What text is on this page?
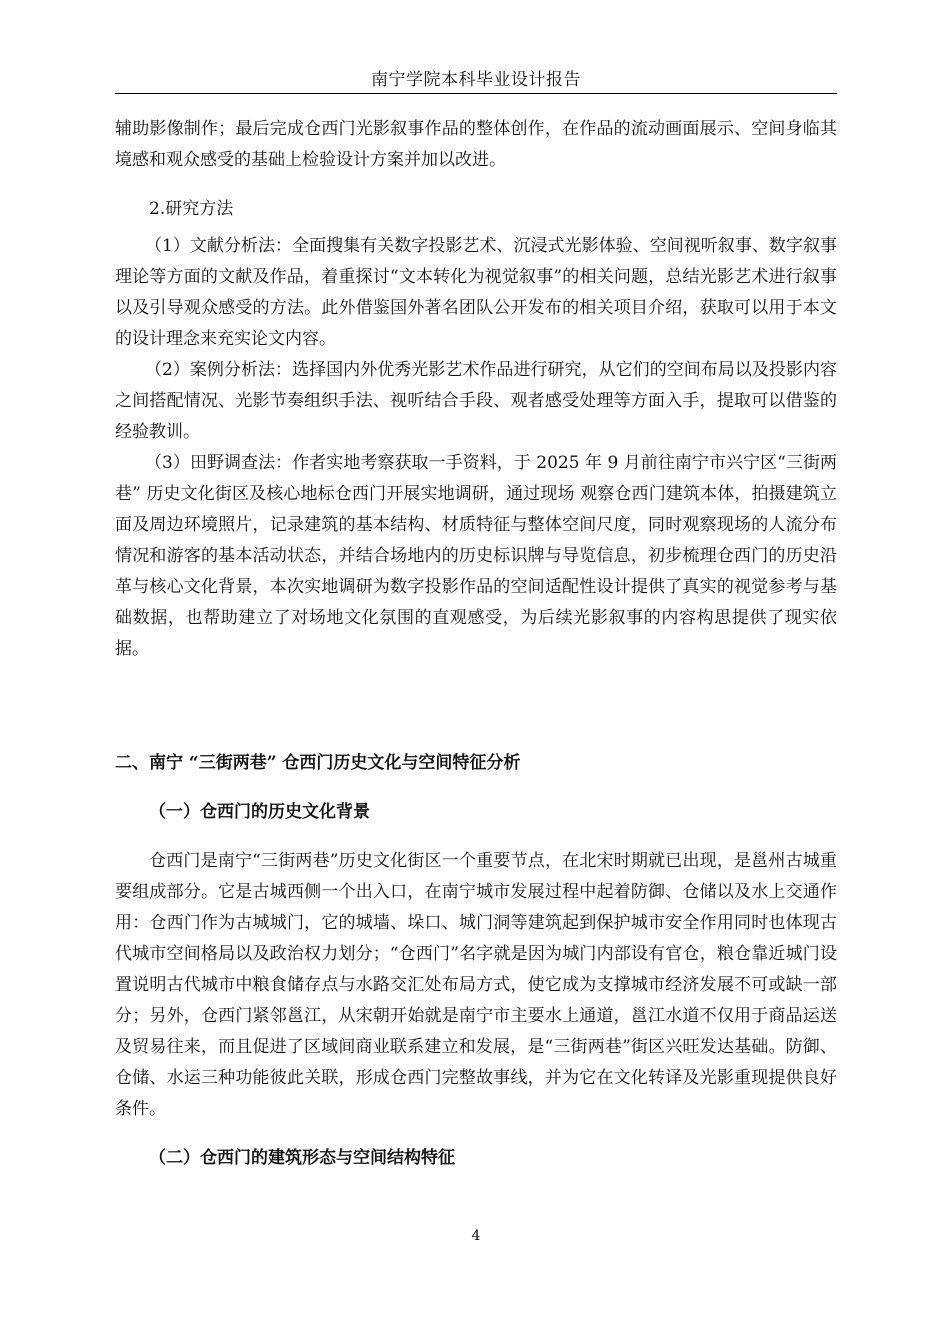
南宁学院本科毕业设计报告

辅助影像制作；最后完成仓西门光影叙事作品的整体创作，在作品的流动画面展示、空间身临其境感和观众感受的基础上检验设计方案并加以改进。

2.研究方法

（1）文献分析法：全面搜集有关数字投影艺术、沉浸式光影体验、空间视听叙事、数字叙事理论等方面的文献及作品，着重探讨“文本转化为视觉叙事”的相关问题，总结光影艺术进行叙事以及引导观众感受的方法。此外借鉴国外著名团队公开发布的相关项目介绍，获取可以用于本文的设计理念来充实论文内容。

（2）案例分析法：选择国内外优秀光影艺术作品进行研究，从它们的空间布局以及投影内容之间搭配情况、光影节奏组织手法、视听结合手段、观者感受处理等方面入手，提取可以借鉴的经验教训。

（3）田野调查法：作者实地考察获取一手资料，于 2025 年 9 月前往南宁市兴宁区“三街两巷” 历史文化街区及核心地标仓西门开展实地调研，通过现场 观察仓西门建筑本体，拍摄建筑立面及周边环境照片，记录建筑的基本结构、材质特征与整体空间尺度，同时观察现场的人流分布情况和游客的基本活动状态，并结合场地内的历史标识牌与导览信息，初步梳理仓西门的历史沿革与核心文化背景，本次实地调研为数字投影作品的空间适配性设计提供了真实的视觉参考与基础数据，也帮助建立了对场地文化氛围的直观感受，为后续光影叙事的内容构思提供了现实依据。

二、南宁 “三街两巷” 仓西门历史文化与空间特征分析

（一）仓西门的历史文化背景

仓西门是南宁“三街两巷”历史文化街区一个重要节点，在北宋时期就已出现，是邕州古城重要组成部分。它是古城西侧一个出入口，在南宁城市发展过程中起着防御、仓储以及水上交通作用：仓西门作为古城城门，它的城墙、垛口、城门洞等建筑起到保护城市安全作用同时也体现古代城市空间格局以及政治权力划分；“仓西门”名字就是因为城门内部设有官仓，粮仓靠近城门设置说明古代城市中粮食储存点与水路交汇处布局方式，使它成为支撑城市经济发展不可或缺一部分；另外，仓西门紧邻邕江，从宋朝开始就是南宁市主要水上通道，邕江水道不仅用于商品运送及贸易往来，而且促进了区域间商业联系建立和发展，是“三街两巷”街区兴旺发达基础。防御、仓储、水运三种功能彼此关联，形成仓西门完整故事线，并为它在文化转译及光影重现提供良好条件。

（二）仓西门的建筑形态与空间结构特征

4
